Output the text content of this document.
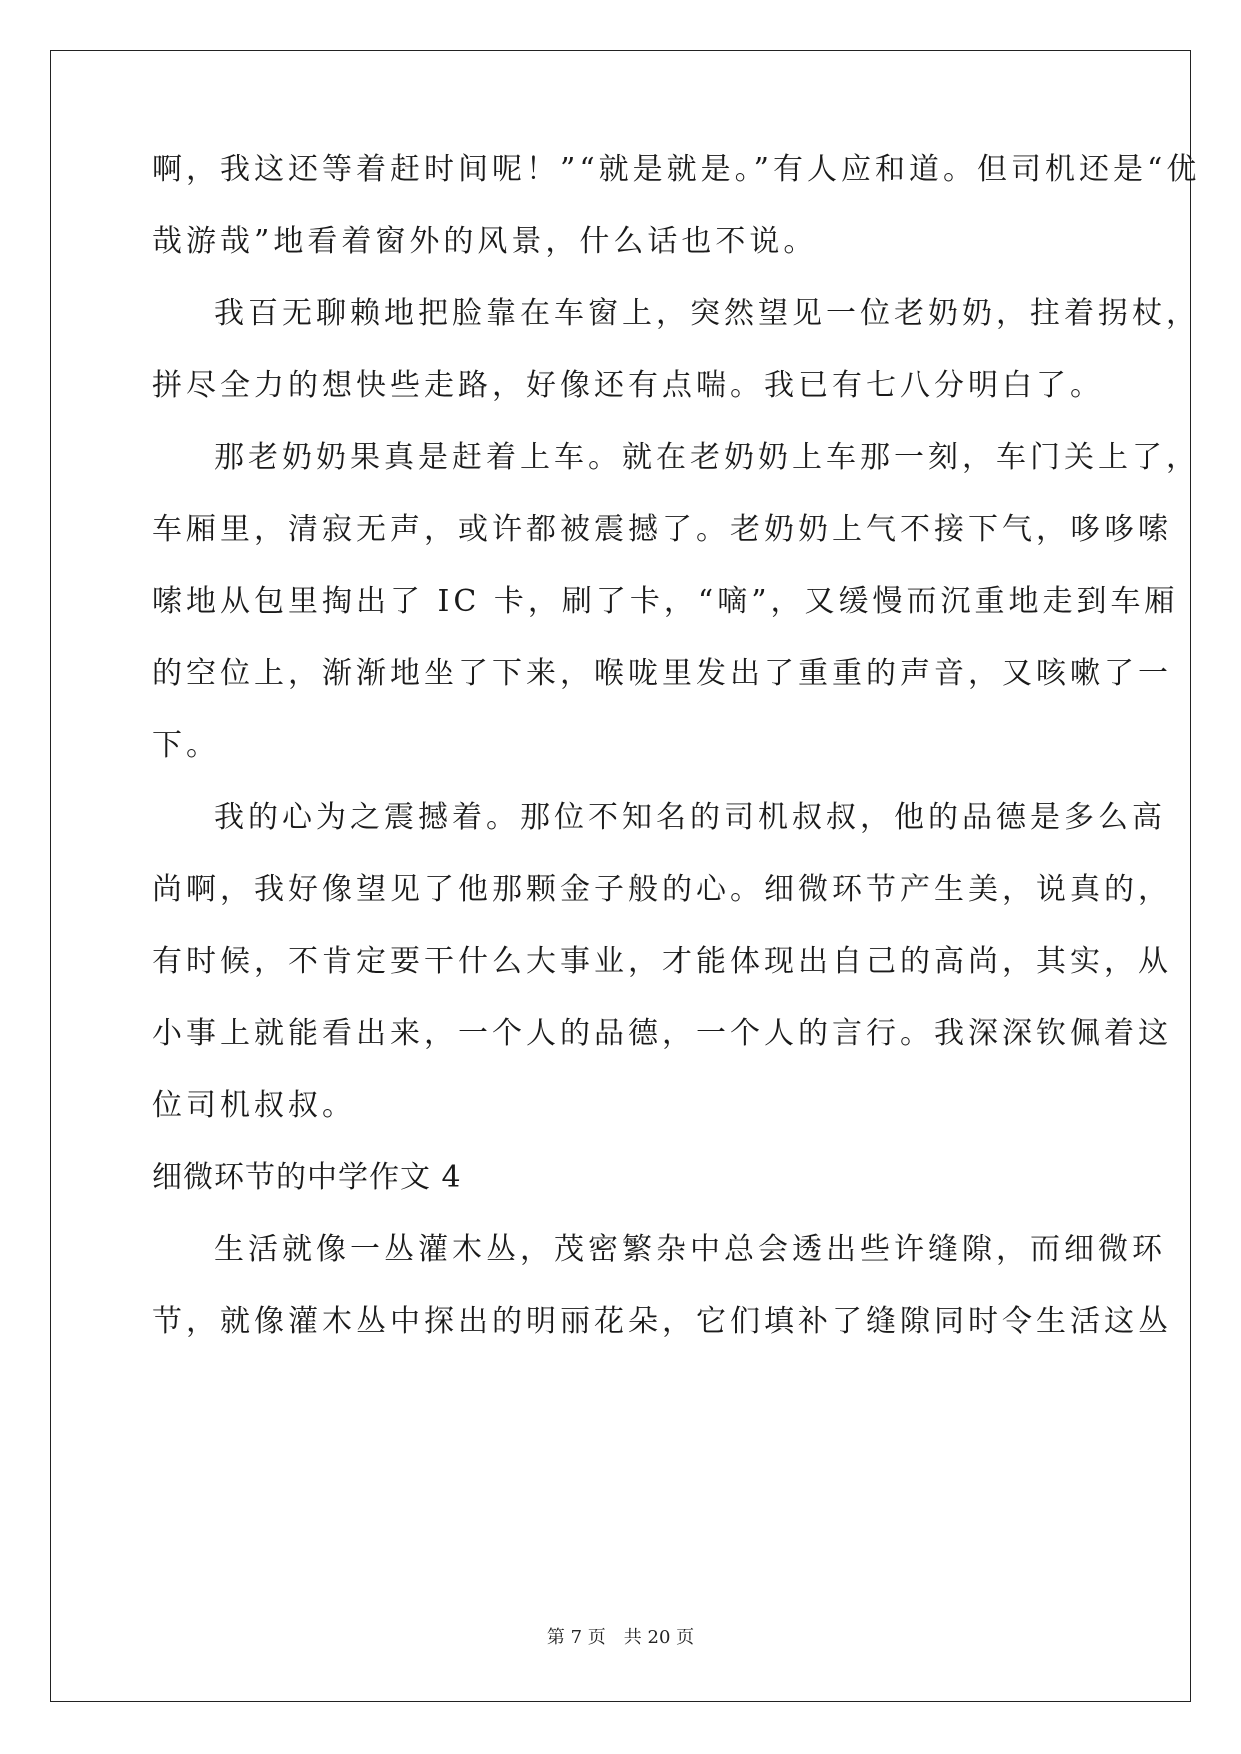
啊，我这还等着赶时间呢！”“就是就是。”有人应和道。但司机还是“优
哉游哉”地看着窗外的风景，什么话也不说。
我百无聊赖地把脸靠在车窗上，突然望见一位老奶奶，拄着拐杖，
拼尽全力的想快些走路，好像还有点喘。我已有七八分明白了。
那老奶奶果真是赶着上车。就在老奶奶上车那一刻，车门关上了，
车厢里，清寂无声，或许都被震撼了。老奶奶上气不接下气，哆哆嗦
嗦地从包里掏出了 IC 卡，刷了卡，“嘀”，又缓慢而沉重地走到车厢
的空位上，渐渐地坐了下来，喉咙里发出了重重的声音，又咳嗽了一
下。
我的心为之震撼着。那位不知名的司机叔叔，他的品德是多么高
尚啊，我好像望见了他那颗金子般的心。细微环节产生美，说真的，
有时候，不肯定要干什么大事业，才能体现出自己的高尚，其实，从
小事上就能看出来，一个人的品德，一个人的言行。我深深钦佩着这
位司机叔叔。
细微环节的中学作文 4
生活就像一丛灌木丛，茂密繁杂中总会透出些许缝隙，而细微环
节，就像灌木丛中探出的明丽花朵，它们填补了缝隙同时令生活这丛
第 7 页 共 20 页
